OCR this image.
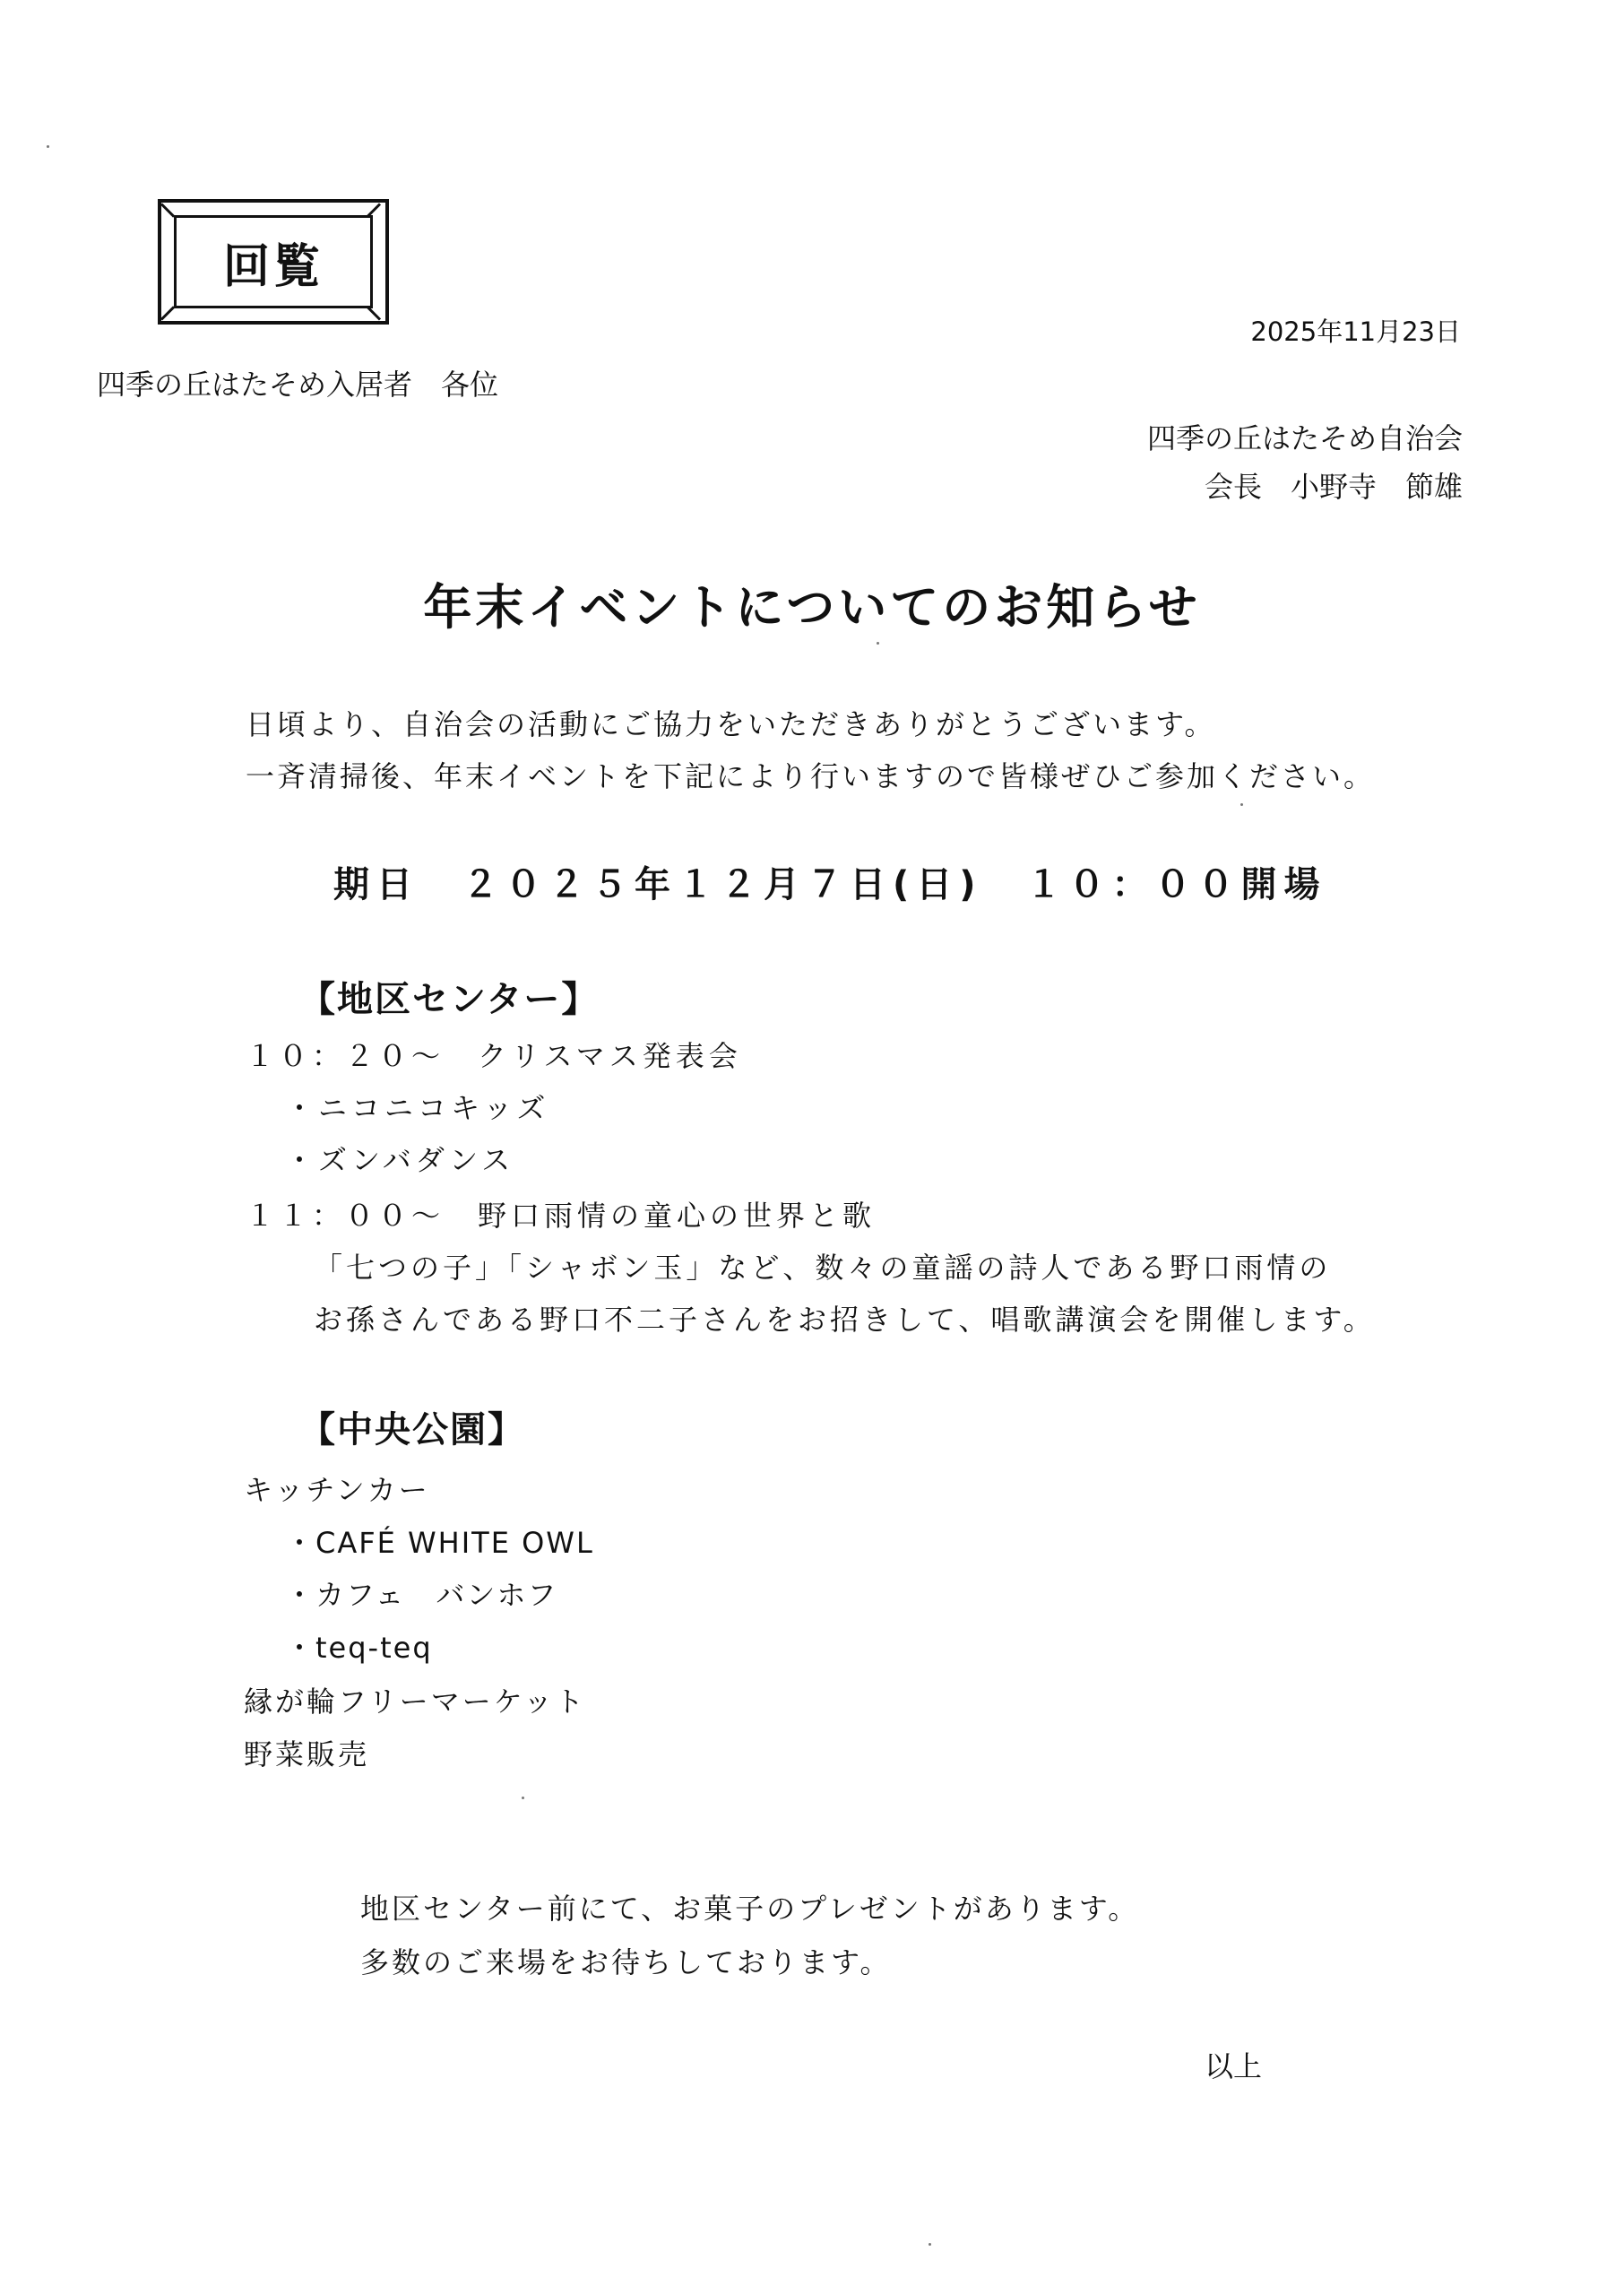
回覧
2025年11月23日
四季の丘はたそめ入居者　各位
四季の丘はたそめ自治会
会長　小野寺　節雄
年末イベントについてのお知らせ
日頃より、自治会の活動にご協力をいただきありがとうございます。
一斉清掃後、年末イベントを下記により行いますので皆様ぜひご参加ください。
期日　２０２５年１２月７日(日)　１０：００開場
【地区センター】
１０：２０～　クリスマス発表会
・ニコニコキッズ
・ズンバダンス
１１：００～　野口雨情の童心の世界と歌
「七つの子」「シャボン玉」など、数々の童謡の詩人である野口雨情の
お孫さんである野口不二子さんをお招きして、唱歌講演会を開催します。
【中央公園】
キッチンカー
・CAFÉ WHITE OWL
・カフェ　バンホフ
・teq-teq
縁が輪フリーマーケット
野菜販売
地区センター前にて、お菓子のプレゼントがあります。
多数のご来場をお待ちしております。
以上
